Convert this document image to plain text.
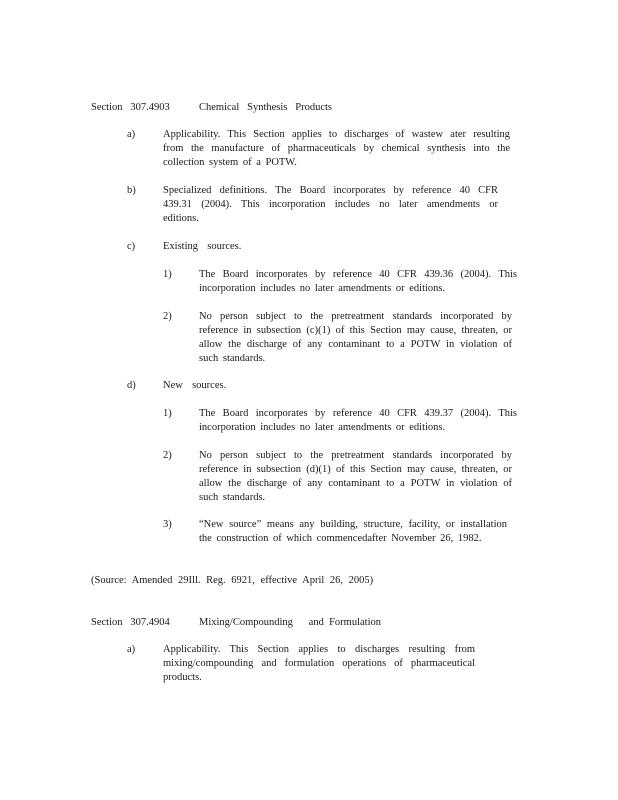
Section   307.4903	Chemical   Synthesis   Products
a)	Applicability. This Section applies to discharges of wastew ater resulting from the manufacture of pharmaceuticals by chemical synthesis into the collection system of a POTW.
b)	Specialized definitions. The Board incorporates by reference 40 CFR 439.31 (2004). This incorporation includes no later amendments or editions.
c)	Existing  sources.
1)	The Board incorporates by reference 40 CFR 439.36 (2004). This incorporation includes no later amendments or editions.
2)	No person subject to the pretreatment standards incorporated by reference in subsection (c)(1) of this Section may cause, threaten, or allow the discharge of any contaminant to a POTW in violation of such standards.
d)	New  sources.
1)	The Board incorporates by reference 40 CFR 439.37 (2004). This incorporation includes no later amendments or editions.
2)	No person subject to the pretreatment standards incorporated by reference in subsection (d)(1) of this Section may cause, threaten, or allow the discharge of any contaminant to a POTW in violation of such standards.
3)	“New source” means any building, structure, facility, or installation the construction of which commencedafter November 26, 1982.
(Source: Amended 29Ill. Reg. 6921, effective April 26, 2005)
Section   307.4904	Mixing/Compounding      and  Formulation
a)	Applicability. This Section applies to discharges resulting from mixing/compounding and formulation operations of pharmaceutical products.
